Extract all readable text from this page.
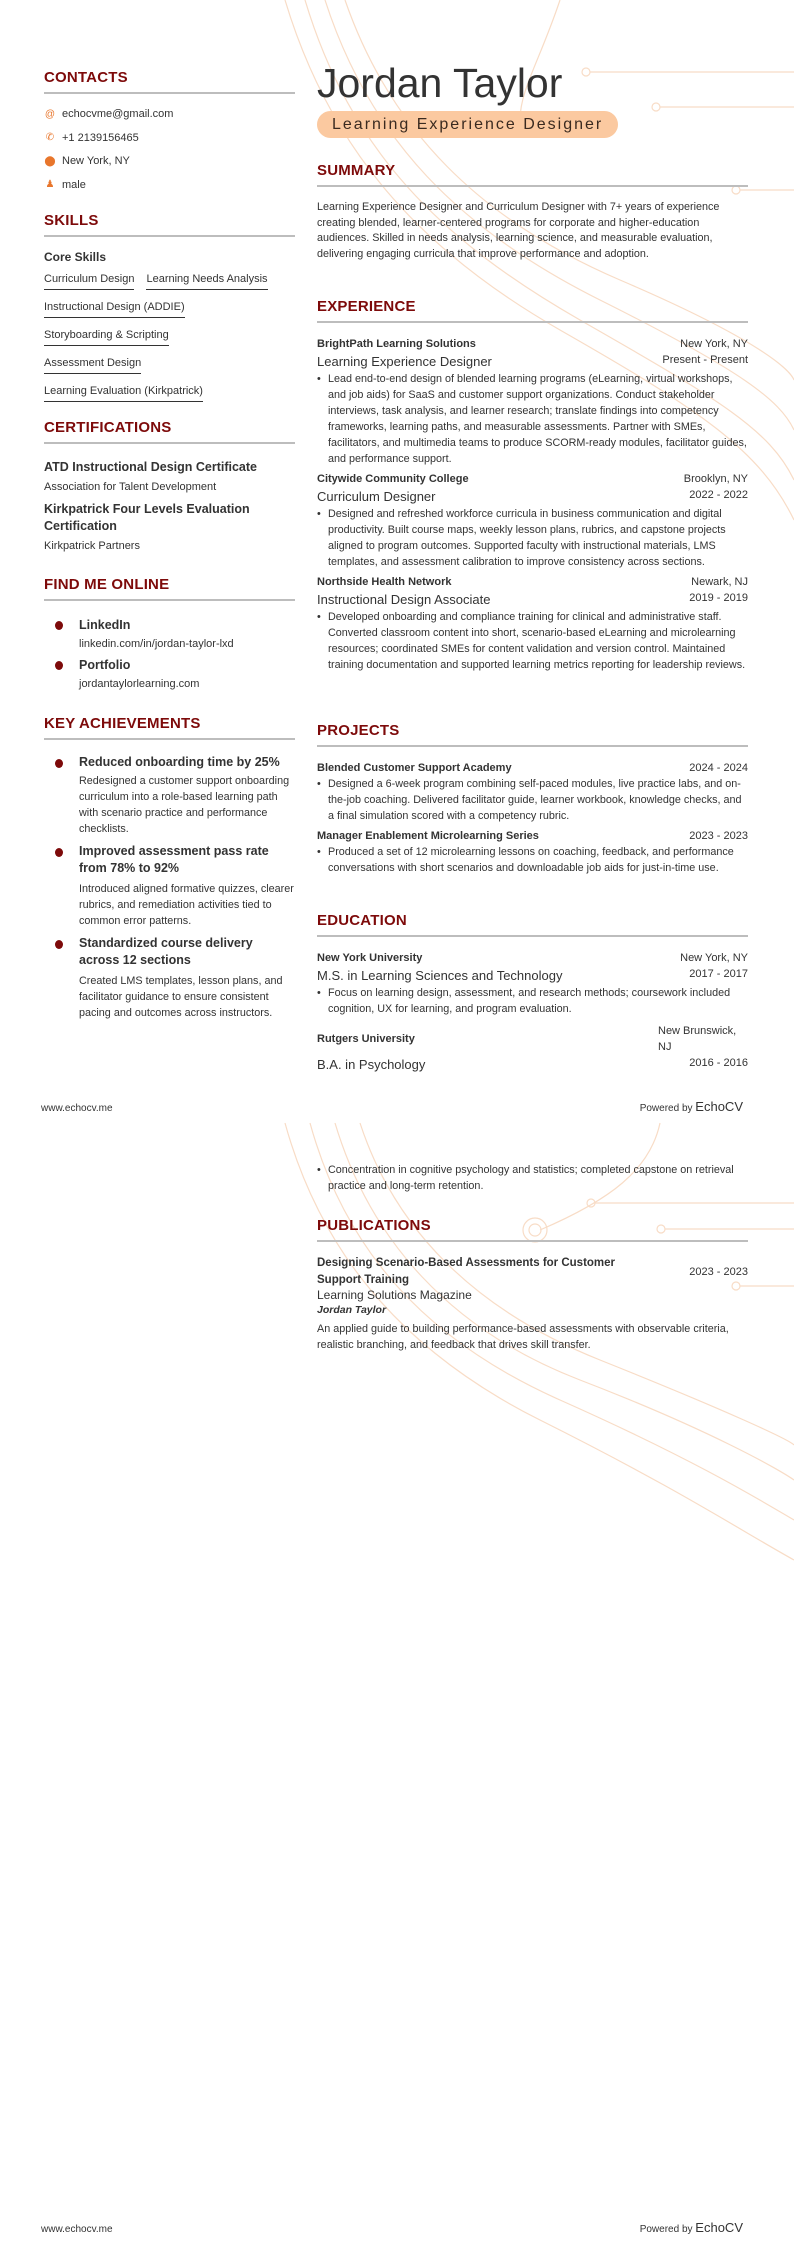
CONTACTS
@ echocvme@gmail.com
✆ +1 2139156465
⬤ New York, NY
♟ male
SKILLS
Core Skills
Curriculum Design Learning Needs Analysis
Instructional Design (ADDIE)
Storyboarding & Scripting
Assessment Design
Learning Evaluation (Kirkpatrick)
CERTIFICATIONS
ATD Instructional Design Certificate
Association for Talent Development
Kirkpatrick Four Levels Evaluation Certification
Kirkpatrick Partners
FIND ME ONLINE
LinkedIn
linkedin.com/in/jordan-taylor-lxd
Portfolio
jordantaylorlearning.com
KEY ACHIEVEMENTS
Reduced onboarding time by 25%
Redesigned a customer support onboarding curriculum into a role-based learning path with scenario practice and performance checklists.
Improved assessment pass rate from 78% to 92%
Introduced aligned formative quizzes, clearer rubrics, and remediation activities tied to common error patterns.
Standardized course delivery across 12 sections
Created LMS templates, lesson plans, and facilitator guidance to ensure consistent pacing and outcomes across instructors.
Jordan Taylor
Learning Experience Designer
SUMMARY
Learning Experience Designer and Curriculum Designer with 7+ years of experience creating blended, learner-centered programs for corporate and higher-education audiences. Skilled in needs analysis, learning science, and measurable evaluation, delivering engaging curricula that improve performance and adoption.
EXPERIENCE
BrightPath Learning Solutions	New York, NY
Learning Experience Designer	Present - Present
• Lead end-to-end design of blended learning programs (eLearning, virtual workshops, and job aids) for SaaS and customer support organizations. Conduct stakeholder interviews, task analysis, and learner research; translate findings into competency frameworks, learning paths, and measurable assessments. Partner with SMEs, facilitators, and multimedia teams to produce SCORM-ready modules, facilitator guides, and performance support.
Citywide Community College	Brooklyn, NY
Curriculum Designer	2022 - 2022
• Designed and refreshed workforce curricula in business communication and digital productivity. Built course maps, weekly lesson plans, rubrics, and capstone projects aligned to program outcomes. Supported faculty with instructional materials, LMS templates, and assessment calibration to improve consistency across sections.
Northside Health Network	Newark, NJ
Instructional Design Associate	2019 - 2019
• Developed onboarding and compliance training for clinical and administrative staff. Converted classroom content into short, scenario-based eLearning and microlearning resources; coordinated SMEs for content validation and version control. Maintained training documentation and supported learning metrics reporting for leadership reviews.
PROJECTS
Blended Customer Support Academy	2024 - 2024
• Designed a 6-week program combining self-paced modules, live practice labs, and on-the-job coaching. Delivered facilitator guide, learner workbook, knowledge checks, and a final simulation scored with a competency rubric.
Manager Enablement Microlearning Series	2023 - 2023
• Produced a set of 12 microlearning lessons on coaching, feedback, and performance conversations with short scenarios and downloadable job aids for just-in-time use.
EDUCATION
New York University	New York, NY
M.S. in Learning Sciences and Technology	2017 - 2017
• Focus on learning design, assessment, and research methods; coursework included cognition, UX for learning, and program evaluation.
Rutgers University
New Brunswick, NJ
B.A. in Psychology	2016 - 2016
www.echocv.me	Powered by EchoCV
• Concentration in cognitive psychology and statistics; completed capstone on retrieval practice and long-term retention.
PUBLICATIONS
Designing Scenario-Based Assessments for Customer Support Training
2023 - 2023
Learning Solutions Magazine
Jordan Taylor
An applied guide to building performance-based assessments with observable criteria, realistic branching, and feedback that drives skill transfer.
www.echocv.me	Powered by EchoCV
